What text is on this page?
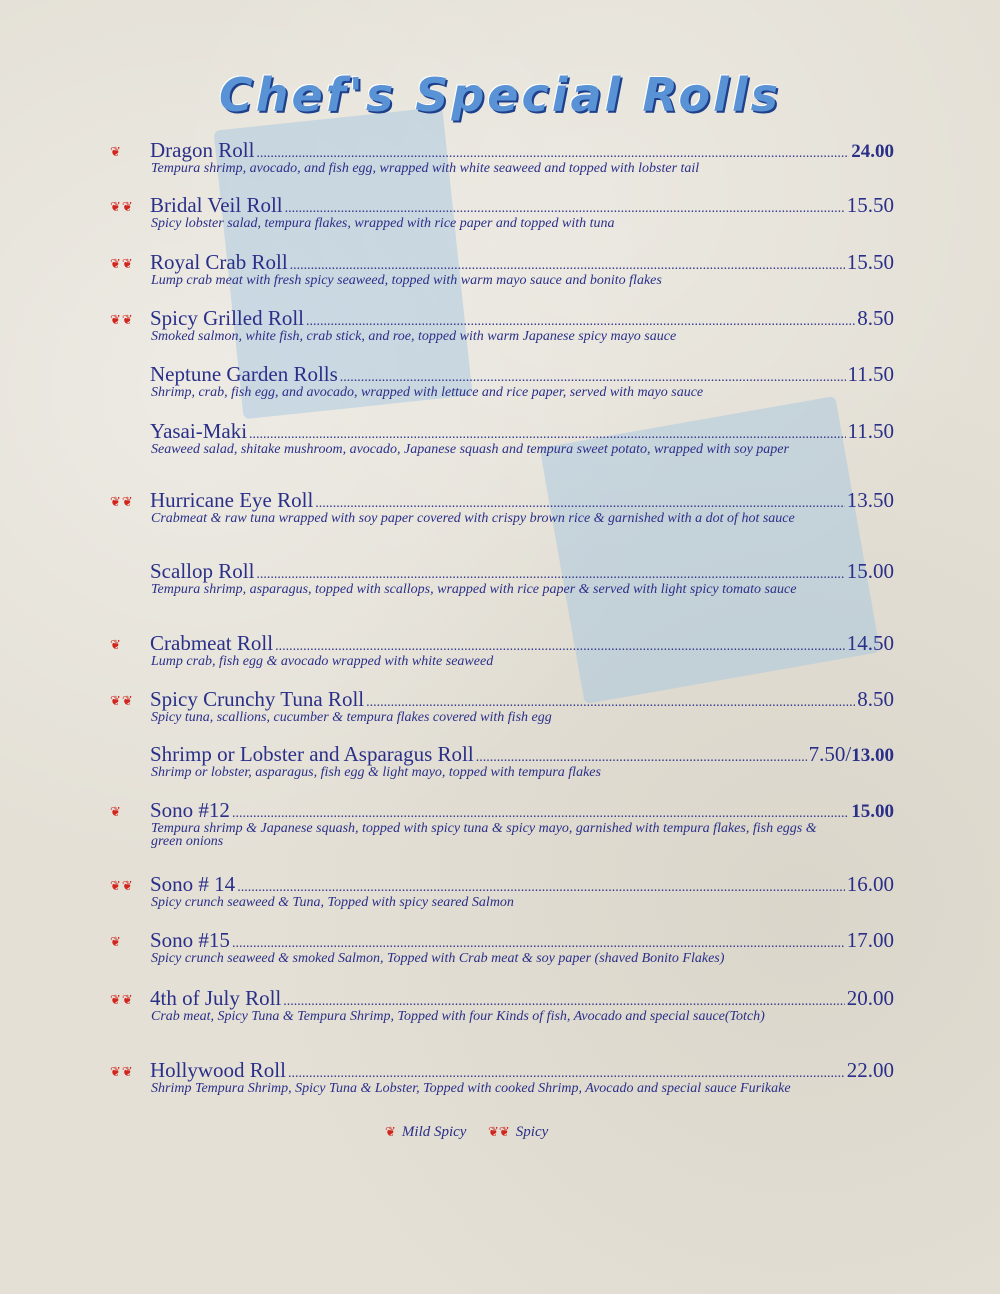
Chef's Special Rolls
❦ Dragon Roll .....	24.00
Tempura shrimp, avocado, and fish egg, wrapped with white seaweed and topped with lobster tail
❦❦ Bridal Veil Roll .....	15.50
Spicy lobster salad, tempura flakes, wrapped with rice paper and topped with tuna
❦❦ Royal Crab Roll .....	15.50
Lump crab meat with fresh spicy seaweed, topped with warm mayo sauce and bonito flakes
❦❦ Spicy Grilled Roll .....	8.50
Smoked salmon, white fish, crab stick, and roe, topped with warm Japanese spicy mayo sauce
Neptune Garden Rolls .....	11.50
Shrimp, crab, fish egg, and avocado, wrapped with lettuce and rice paper, served with mayo sauce
Yasai-Maki .....	11.50
Seaweed salad, shitake mushroom, avocado, Japanese squash and tempura sweet potato, wrapped with soy paper
❦❦ Hurricane Eye Roll .....	13.50
Crabmeat & raw tuna wrapped with soy paper covered with crispy brown rice & garnished with a dot of hot sauce
Scallop Roll .....	15.00
Tempura shrimp, asparagus, topped with scallops, wrapped with rice paper & served with light spicy tomato sauce
❦ Crabmeat Roll .....	14.50
Lump crab, fish egg & avocado wrapped with white seaweed
❦❦ Spicy Crunchy Tuna Roll .....	8.50
Spicy tuna, scallions, cucumber & tempura flakes covered with fish egg
Shrimp or Lobster and Asparagus Roll .....	7.50 / 13.00
Shrimp or lobster, asparagus, fish egg & light mayo, topped with tempura flakes
❦ Sono #12 .....	15.00
Tempura shrimp & Japanese squash, topped with spicy tuna & spicy mayo, garnished with tempura flakes, fish eggs & green onions
❦❦ Sono # 14 .....	16.00
Spicy crunch seaweed & Tuna, Topped with spicy seared Salmon
❦ Sono #15 .....	17.00
Spicy crunch seaweed & smoked Salmon, Topped with Crab meat & soy paper (shaved Bonito Flakes)
❦❦ 4th of July Roll .....	20.00
Crab meat, Spicy Tuna & Tempura Shrimp, Topped with four Kinds of fish, Avocado and special sauce(Totch)
❦❦ Hollywood Roll .....	22.00
Shrimp Tempura Shrimp, Spicy Tuna & Lobster, Topped with cooked Shrimp, Avocado and special sauce Furikake
❦ Mild Spicy ❦❦ Spicy
